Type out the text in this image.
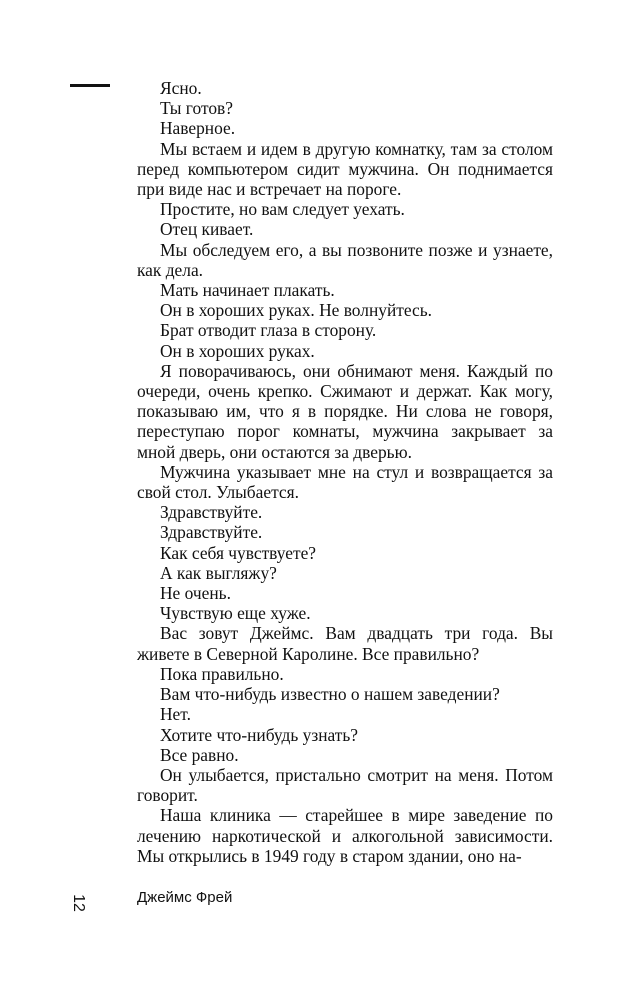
Ясно.

Ты готов?

Наверное.

Мы встаем и идем в другую комнатку, там за столом перед компьютером сидит мужчина. Он поднимается при виде нас и встречает на пороге.

Простите, но вам следует уехать.

Отец кивает.

Мы обследуем его, а вы позвоните позже и узнаете, как дела.

Мать начинает плакать.

Он в хороших руках. Не волнуйтесь.

Брат отводит глаза в сторону.

Он в хороших руках.

Я поворачиваюсь, они обнимают меня. Каждый по очереди, очень крепко. Сжимают и держат. Как могу, показываю им, что я в порядке. Ни слова не говоря, переступаю порог комнаты, мужчина закрывает за мной дверь, они остаются за дверью.

Мужчина указывает мне на стул и возвращается за свой стол. Улыбается.

Здравствуйте.

Здравствуйте.

Как себя чувствуете?

А как выгляжу?

Не очень.

Чувствую еще хуже.

Вас зовут Джеймс. Вам двадцать три года. Вы живете в Северной Каролине. Все правильно?

Пока правильно.

Вам что-нибудь известно о нашем заведении?

Нет.

Хотите что-нибудь узнать?

Все равно.

Он улыбается, пристально смотрит на меня. Потом говорит.

Наша клиника — старейшее в мире заведение по лечению наркотической и алкогольной зависимости. Мы открылись в 1949 году в старом здании, оно на-

12	Джеймс Фрей
